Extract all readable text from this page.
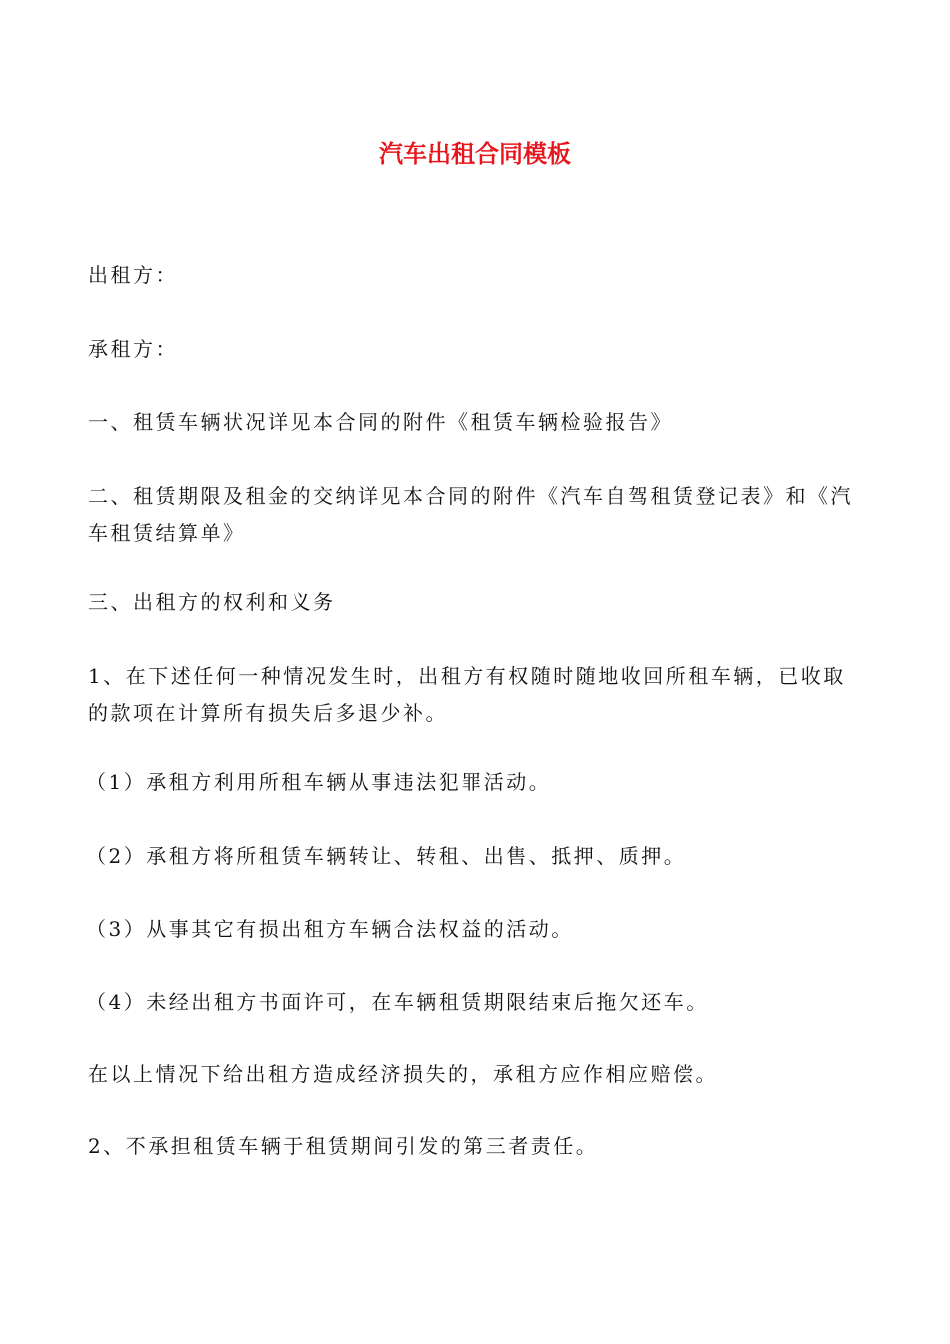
汽车出租合同模板

出租方：

承租方：

一、租赁车辆状况详见本合同的附件《租赁车辆检验报告》

二、租赁期限及租金的交纳详见本合同的附件《汽车自驾租赁登记表》和《汽车租赁结算单》

三、出租方的权利和义务

1、在下述任何一种情况发生时，出租方有权随时随地收回所租车辆，已收取的款项在计算所有损失后多退少补。

（1）承租方利用所租车辆从事违法犯罪活动。

（2）承租方将所租赁车辆转让、转租、出售、抵押、质押。

（3）从事其它有损出租方车辆合法权益的活动。

（4）未经出租方书面许可，在车辆租赁期限结束后拖欠还车。

在以上情况下给出租方造成经济损失的，承租方应作相应赔偿。

2、不承担租赁车辆于租赁期间引发的第三者责任。
